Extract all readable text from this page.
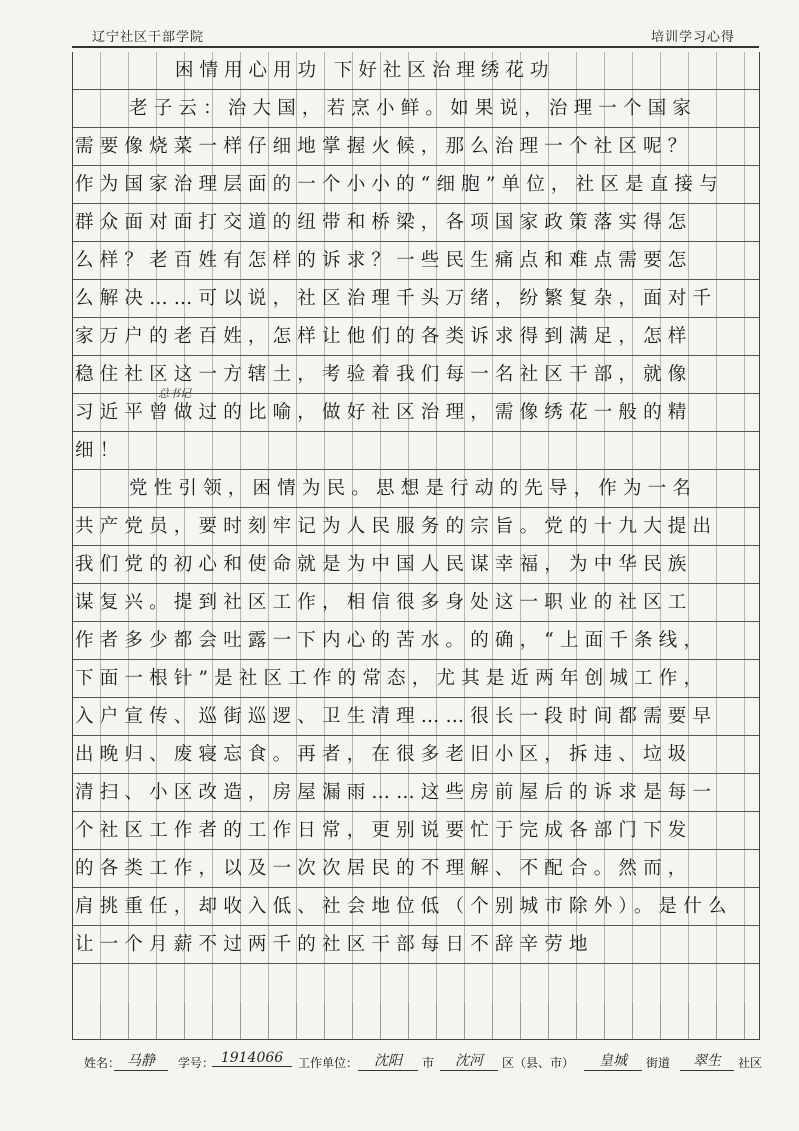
辽宁社区干部学院	培训学习心得
困情用心用功 下好社区治理绣花功
老子云：治大国，若烹小鲜。如果说，治理一个国家
需要像烧菜一样仔细地掌握火候，那么治理一个社区呢？
作为国家治理层面的一个小小的“细胞”单位，社区是直接与
群众面对面打交道的纽带和桥梁，各项国家政策落实得怎
么样？老百姓有怎样的诉求？一些民生痛点和难点需要怎
么解决……可以说，社区治理千头万绪，纷繁复杂，面对千
家万户的老百姓，怎样让他们的各类诉求得到满足，怎样
稳住社区这一方辖土，考验着我们每一名社区干部，就像
习近平曾做过的比喻，做好社区治理，需像绣花一般的精
总书记
细！
党性引领，困情为民。思想是行动的先导，作为一名
共产党员，要时刻牢记为人民服务的宗旨。党的十九大提出
我们党的初心和使命就是为中国人民谋幸福，为中华民族
谋复兴。提到社区工作，相信很多身处这一职业的社区工
作者多少都会吐露一下内心的苦水。的确，“上面千条线，
下面一根针”是社区工作的常态，尤其是近两年创城工作，
入户宣传、巡街巡逻、卫生清理……很长一段时间都需要早
出晚归、废寝忘食。再者，在很多老旧小区，拆违、垃圾
清扫、小区改造，房屋漏雨……这些房前屋后的诉求是每一
个社区工作者的工作日常，更别说要忙于完成各部门下发
的各类工作，以及一次次居民的不理解、不配合。然而，
肩挑重任，却收入低、社会地位低（个别城市除外）。是什么
让一个月薪不过两千的社区干部每日不辞辛劳地
姓名： 马静	学号： 1914066	工作单位：	沈阳	市	沈河	区（县、市）	皇城	街道	翠生	社区
